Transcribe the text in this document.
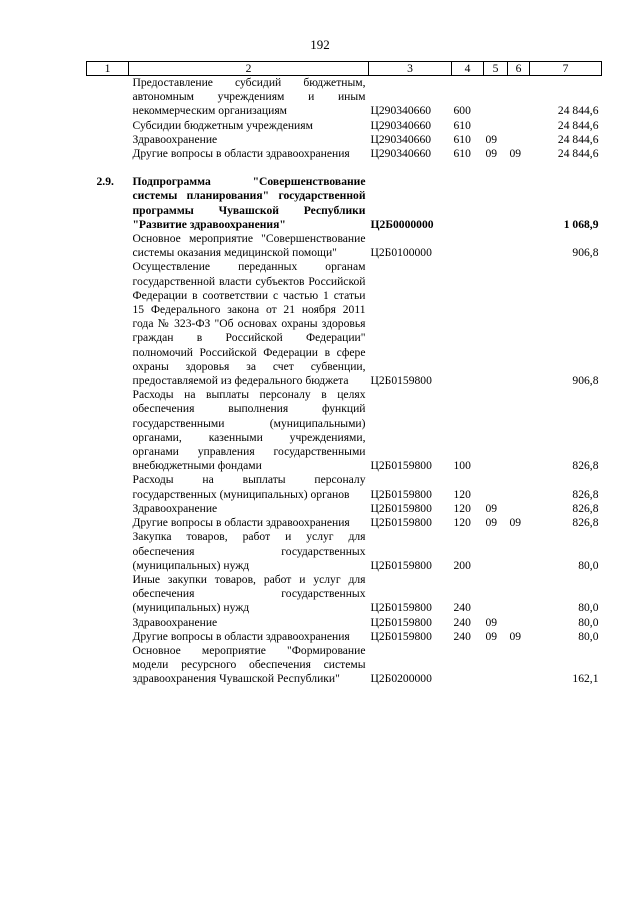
192
1	2	3	4	5	6	7
	Предоставление субсидий бюджетным, автономным учреждениям и иным некоммерческим организациям	Ц290340660	600			24 844,6
	Субсидии бюджетным учреждениям	Ц290340660	610			24 844,6
	Здравоохранение	Ц290340660	610	09		24 844,6
	Другие вопросы в области здравоохранения	Ц290340660	610	09	09	24 844,6

2.9.	Подпрограмма "Совершенствование системы планирования" государственной программы Чувашской Республики "Развитие здравоохранения"	Ц2Б0000000				1 068,9
	Основное мероприятие "Совершенствование системы оказания медицинской помощи"	Ц2Б0100000				906,8
	Осуществление переданных органам государственной власти субъектов Российской Федерации в соответствии с частью 1 статьи 15 Федерального закона от 21 ноября 2011 года № 323-ФЗ "Об основах охраны здоровья граждан в Российской Федерации" полномочий Российской Федерации в сфере охраны здоровья за счет субвенции, предоставляемой из федерального бюджета	Ц2Б0159800				906,8
	Расходы на выплаты персоналу в целях обеспечения выполнения функций государственными (муниципальными) органами, казенными учреждениями, органами управления государственными внебюджетными фондами	Ц2Б0159800	100			826,8
	Расходы на выплаты персоналу государственных (муниципальных) органов	Ц2Б0159800	120			826,8
	Здравоохранение	Ц2Б0159800	120	09		826,8
	Другие вопросы в области здравоохранения	Ц2Б0159800	120	09	09	826,8
	Закупка товаров, работ и услуг для обеспечения государственных (муниципальных) нужд	Ц2Б0159800	200			80,0
	Иные закупки товаров, работ и услуг для обеспечения государственных (муниципальных) нужд	Ц2Б0159800	240			80,0
	Здравоохранение	Ц2Б0159800	240	09		80,0
	Другие вопросы в области здравоохранения	Ц2Б0159800	240	09	09	80,0
	Основное мероприятие "Формирование модели ресурсного обеспечения системы здравоохранения Чувашской Республики"	Ц2Б0200000				162,1
